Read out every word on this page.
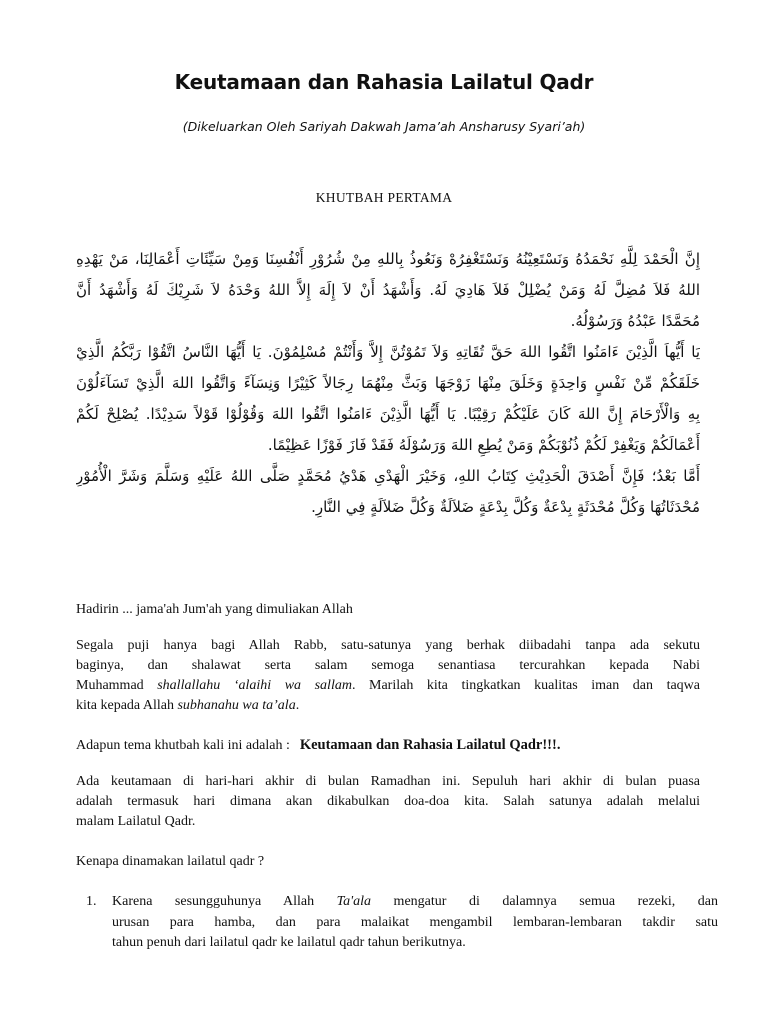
Keutamaan dan Rahasia Lailatul Qadr
(Dikeluarkan Oleh Sariyah Dakwah Jama’ah Ansharusy Syari’ah)
KHUTBAH PERTAMA
إِنَّ الْحَمْدَ لِلَّهِ نَحْمَدُهُ وَنَسْتَعِيْنُهُ وَنَسْتَغْفِرُهْ وَنَعُوذُ بِاللهِ مِنْ شُرُوْرِ أَنْفُسِنَا وَمِنْ سَيِّئَاتِ أَعْمَالِنَا، مَنْ يَهْدِهِ
اللهُ فَلاَ مُضِلَّ لَهُ وَمَنْ يُضْلِلْ فَلاَ هَادِيَ لَهُ. وَأَشْهَدُ أَنْ لاَ إِلَهَ إِلاَّ اللهُ وَحْدَهُ لاَ شَرِيْكَ لَهُ وَأَشْهَدُ أَنَّ
مُحَمَّدًا عَبْدُهُ وَرَسُوْلُهُ.
يَا أَيُّهاَ الَّذِيْنَ ءَامَنُوا اتَّقُوا اللهَ حَقَّ تُقَاتِهِ وَلاَ تَمُوْتُنَّ إِلاَّ وَأَنْتُمْ مُسْلِمُوْنَ. يَا أَيُّهَا النَّاسُ اتَّقُوْا رَبَّكُمُ الَّذِيْ
خَلَقَكُمْ مِّنْ نَفْسٍ وَاحِدَةٍ وَخَلَقَ مِنْهَا زَوْجَهَا وَبَثَّ مِنْهُمَا رِجَالاً كَثِيْرًا وَنِسَآءً وَاتَّقُوا اللهَ الَّذِيْ تَسَآءَلُوْنَ
بِهِ وَالْأَرْحَامَ إِنَّ اللهَ كَانَ عَلَيْكُمْ رَقِيْبًا. يَا أَيُّهَا الَّذِيْنَ ءَامَنُوا اتَّقُوا اللهَ وَقُوْلُوْا قَوْلاً سَدِيْدًا. يُصْلِحْ لَكُمْ
أَعْمَالَكُمْ وَيَغْفِرْ لَكُمْ ذُنُوْبَكُمْ وَمَنْ يُطِعِ اللهَ وَرَسُوْلَهُ فَقَدْ فَازَ فَوْزًا عَظِيْمًا.
أَمَّا بَعْدُ؛ فَإِنَّ أَصْدَقَ الْحَدِيْثِ كِتَابُ اللهِ، وَخَيْرَ الْهَدْىِ هَدْيُ مُحَمَّدٍ صَلَّى اللهُ عَلَيْهِ وَسَلَّمَ وَشَرَّ الْأُمُوْرِ
مُحْدَثَاتُهَا وَكُلَّ مُحْدَثَةٍ بِدْعَةٌ وَكُلَّ بِدْعَةٍ ضَلاَلَةٌ وَكُلَّ ضَلاَلَةٍ فِي النَّارِ.

Hadirin ... jama'ah Jum'ah yang dimuliakan Allah

Segala puji hanya bagi Allah Rabb, satu-satunya yang berhak diibadahi tanpa ada sekutu
baginya, dan shalawat serta salam semoga senantiasa tercurahkan kepada Nabi
Muhammad shallallahu ‘alaihi wa sallam. Marilah kita tingkatkan kualitas iman dan taqwa
kita kepada Allah subhanahu wa ta’ala.
Adapun tema khutbah kali ini adalah : Keutamaan dan Rahasia Lailatul Qadr!!!.
Ada keutamaan di hari-hari akhir di bulan Ramadhan ini. Sepuluh hari akhir di bulan puasa
adalah termasuk hari dimana akan dikabulkan doa-doa kita. Salah satunya adalah melalui
malam Lailatul Qadr.

Kenapa dinamakan lailatul qadr ?

1. Karena sesungguhunya Allah Ta'ala mengatur di dalamnya semua rezeki, dan
urusan para hamba, dan para malaikat mengambil lembaran-lembaran takdir satu
tahun penuh dari lailatul qadr ke lailatul qadr tahun berikutnya.
